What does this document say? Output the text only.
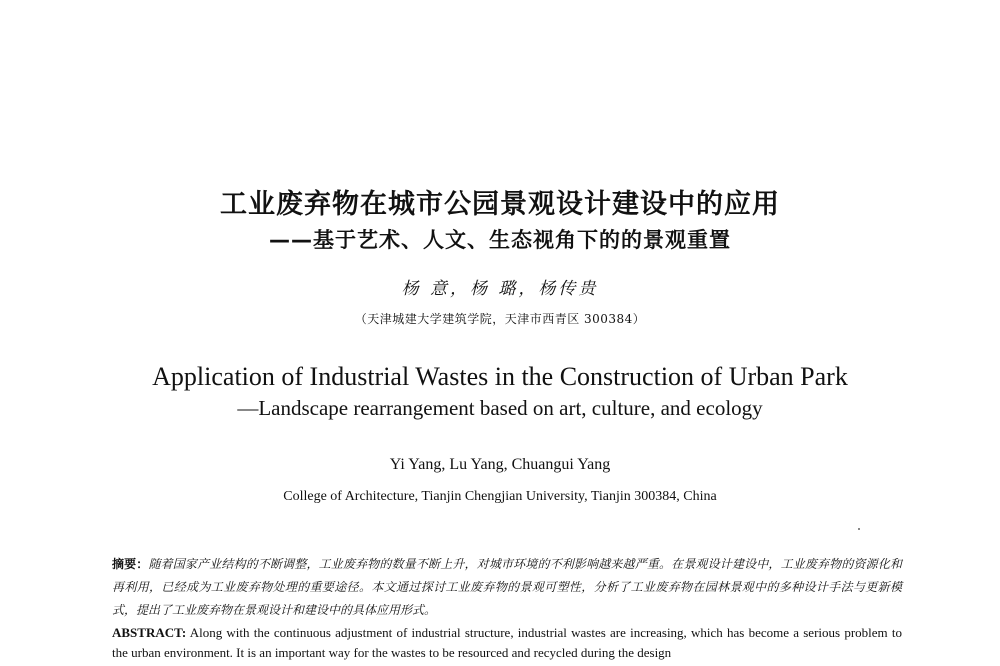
工业废弃物在城市公园景观设计建设中的应用
——基于艺术、人文、生态视角下的的景观重置
杨 意，杨 璐，杨传贵
（天津城建大学建筑学院，天津市西青区 300384）
Application of Industrial Wastes in the Construction of Urban Park
—Landscape rearrangement based on art, culture, and ecology
Yi Yang, Lu Yang, Chuangui Yang
College of Architecture, Tianjin Chengjian University, Tianjin 300384, China
摘要：随着国家产业结构的不断调整，工业废弃物的数量不断上升，对城市环境的不利影响越来越严重。在景观设计建设中，工业废弃物的资源化和再利用，已经成为工业废弃物处理的重要途径。本文通过探讨工业废弃物的景观可塑性，分析了工业废弃物在园林景观中的多种设计手法与更新模式，提出了工业废弃物在景观设计和建设中的具体应用形式。
ABSTRACT: Along with the continuous adjustment of industrial structure, industrial wastes are increasing, which has become a serious problem to the urban environment. It is an important way for the wastes to be resourced and recycled during the design
